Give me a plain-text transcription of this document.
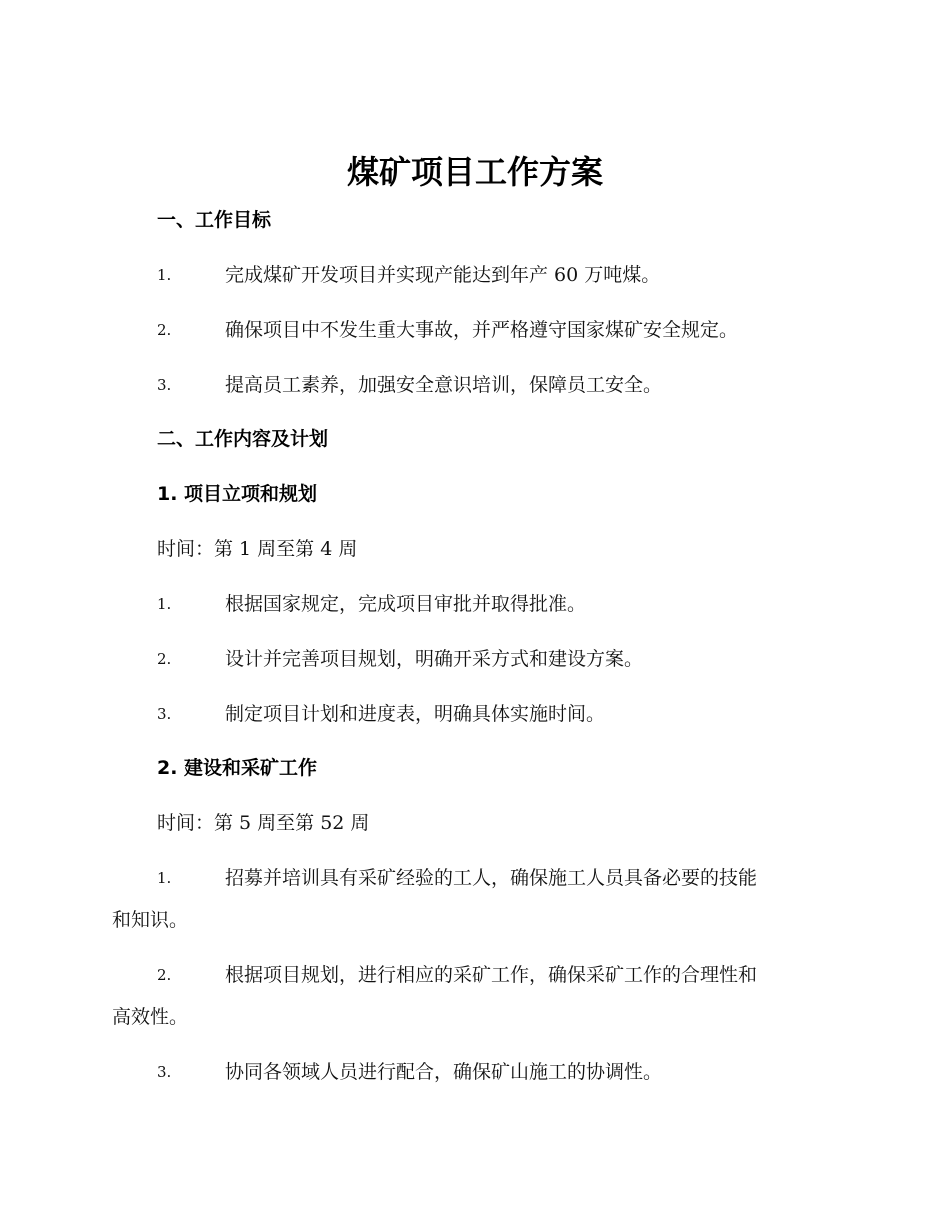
煤矿项目工作方案
一、工作目标
1.	完成煤矿开发项目并实现产能达到年产 60 万吨煤。
2.	确保项目中不发生重大事故，并严格遵守国家煤矿安全规定。
3.	提高员工素养，加强安全意识培训，保障员工安全。
二、工作内容及计划
1. 项目立项和规划
时间：第 1 周至第 4 周
1.	根据国家规定，完成项目审批并取得批准。
2.	设计并完善项目规划，明确开采方式和建设方案。
3.	制定项目计划和进度表，明确具体实施时间。
2. 建设和采矿工作
时间：第 5 周至第 52 周
1.	招募并培训具有采矿经验的工人，确保施工人员具备必要的技能
和知识。
2.	根据项目规划，进行相应的采矿工作，确保采矿工作的合理性和
高效性。
3.	协同各领域人员进行配合，确保矿山施工的协调性。
